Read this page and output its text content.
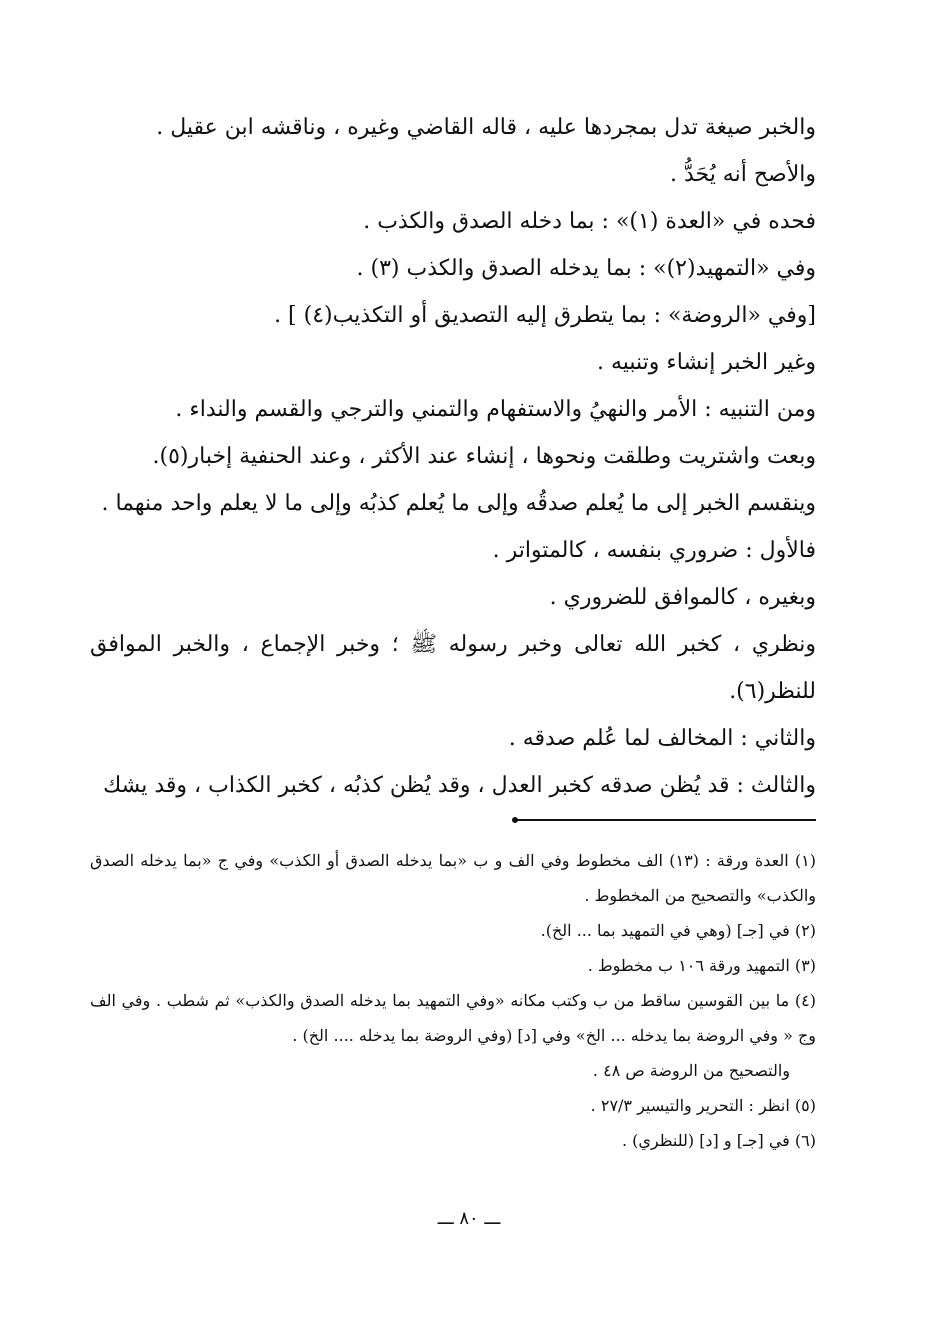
والخبر صيغة تدل بمجردها عليه ، قاله القاضي وغيره ، وناقشه ابن عقيل .

والأصح أنه يُحَدُّ .

فحده في «العدة (١)» : بما دخله الصدق والكذب .

وفي «التمهيد(٢)» : بما يدخله الصدق والكذب (٣) .

[وفي «الروضة» : بما يتطرق إليه التصديق أو التكذيب(٤) ] .

وغير الخبر إنشاء وتنبيه .

ومن التنبيه : الأمر والنهيُ والاستفهام والتمني والترجي والقسم والنداء .

وبعت واشتريت وطلقت ونحوها ، إنشاء عند الأكثر ، وعند الحنفية إخبار(٥).

وينقسم الخبر إلى ما يُعلم صدقُه وإلى ما يُعلم كذبُه وإلى ما لا يعلم واحد منهما .

فالأول : ضروري بنفسه ، كالمتواتر .

وبغيره ، كالموافق للضروري .

ونظري ، كخبر الله تعالى وخبر رسوله ﷺ ؛ وخبر الإجماع ، والخبر الموافق للنظر(٦).

والثاني : المخالف لما عُلم صدقه .

والثالث : قد يُظن صدقه كخبر العدل ، وقد يُظن كذبُه ، كخبر الكذاب ، وقد يشك

(١) العدة ورقة : (١٣) الف مخطوط وفي الف و ب «بما يدخله الصدق أو الكذب» وفي ج «بما يدخله الصدق والكذب» والتصحيح من المخطوط .

(٢) في [جـ] (وهي في التمهيد بما ... الخ).

(٣) التمهيد ورقة ١٠٦ ب مخطوط .

(٤) ما بين القوسين ساقط من ب وكتب مكانه «وفي التمهيد بما يدخله الصدق والكذب» ثم شطب . وفي الف وج « وفي الروضة بما يدخله ... الخ» وفي [د] (وفي الروضة بما يدخله .... الخ) .

والتصحيح من الروضة ص ٤٨ .

(٥) انظر : التحرير والتيسير ٢٧/٣ .

(٦) في [جـ] و [د] (للنظري) .

ـــ ٨٠ ـــ
